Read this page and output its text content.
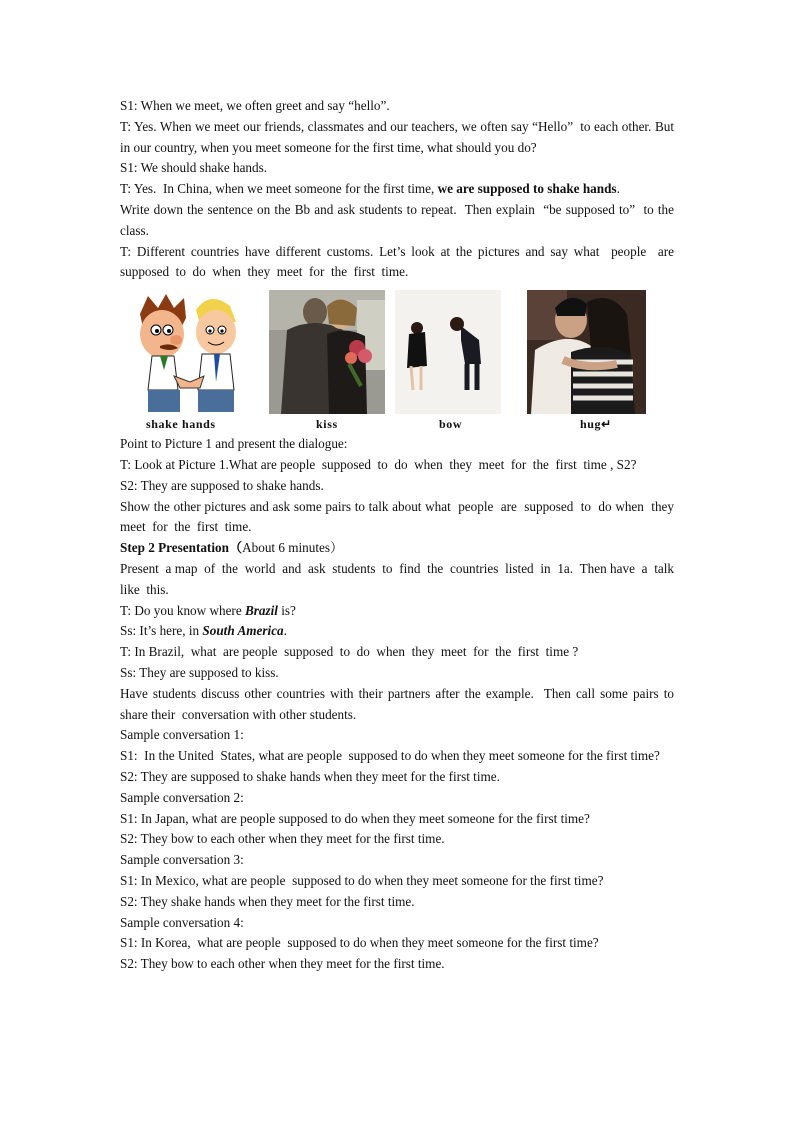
S1: When we meet, we often greet and say “hello”.

T: Yes. When we meet our friends, classmates and our teachers, we often say “Hello”  to each other. But in our country, when you meet someone for the first time, what should you do?

S1: We should shake hands.

T: Yes.  In China, when we meet someone for the first time, we are supposed to shake hands.

Write down the sentence on the Bb and ask students to repeat.  Then explain  “be supposed to”  to the class.

T: Different countries have different customs. Let’s look at the pictures and say what  people  are supposed  to  do  when  they  meet  for  the  first  time.

shake hands	kiss	bow	hug↵

Point to Picture 1 and present the dialogue:

T: Look at Picture 1.What are people  supposed  to  do  when  they  meet  for  the  first  time , S2?

S2: They are supposed to shake hands.

Show the other pictures and ask some pairs to talk about what  people  are  supposed  to  do when  they  meet  for  the  first  time.

Step 2 Presentation（About 6 minutes）

Present  a map  of  the  world  and  ask  students  to  find  the  countries  listed  in  1a.  Then have  a  talk  like  this.

T: Do you know where Brazil is?

Ss: It’s here, in South America.

T: In Brazil,  what  are people  supposed  to  do  when  they  meet  for  the  first  time ?

Ss: They are supposed to kiss.

Have students discuss other countries with their partners after the example.  Then call some pairs to share their  conversation with other students.

Sample conversation 1:

S1:  In the United  States, what are people  supposed to do when they meet someone for the first time?

S2: They are supposed to shake hands when they meet for the first time.

Sample conversation 2:

S1: In Japan, what are people supposed to do when they meet someone for the first time?

S2: They bow to each other when they meet for the first time.

Sample conversation 3:

S1: In Mexico, what are people  supposed to do when they meet someone for the first time?

S2: They shake hands when they meet for the first time.

Sample conversation 4:

S1: In Korea,  what are people  supposed to do when they meet someone for the first time?

S2: They bow to each other when they meet for the first time.
